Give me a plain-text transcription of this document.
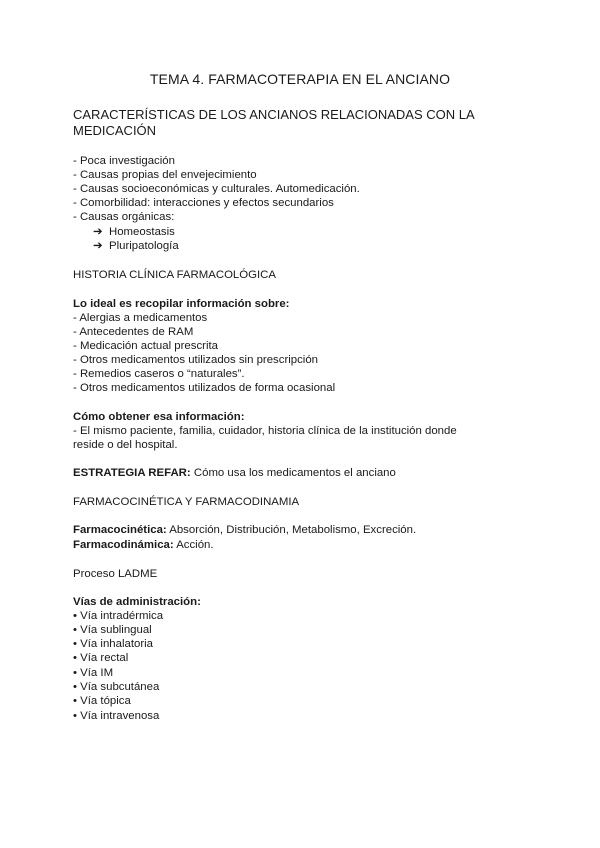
TEMA 4. FARMACOTERAPIA EN EL ANCIANO
CARACTERÍSTICAS DE LOS ANCIANOS RELACIONADAS CON LA
MEDICACIÓN
- Poca investigación
- Causas propias del envejecimiento
- Causas socioeconómicas y culturales. Automedicación.
- Comorbilidad: interacciones y efectos secundarios
- Causas orgánicas:
➔ Homeostasis
➔ Pluripatología
HISTORIA CLÍNICA FARMACOLÓGICA
Lo ideal es recopilar información sobre:
- Alergias a medicamentos
- Antecedentes de RAM
- Medicación actual prescrita
- Otros medicamentos utilizados sin prescripción
- Remedios caseros o “naturales”.
- Otros medicamentos utilizados de forma ocasional
Cómo obtener esa información:
- El mismo paciente, familia, cuidador, historia clínica de la institución donde
reside o del hospital.
ESTRATEGIA REFAR: Cómo usa los medicamentos el anciano
FARMACOCINÉTICA Y FARMACODINAMIA
Farmacocinética: Absorción, Distribución, Metabolismo, Excreción.
Farmacodinámica: Acción.
Proceso LADME
Vías de administración:
• Vía intradérmica
• Vía sublingual
• Vía inhalatoria
• Vía rectal
• Vía IM
• Vía subcutánea
• Vía tópica
• Vía intravenosa
